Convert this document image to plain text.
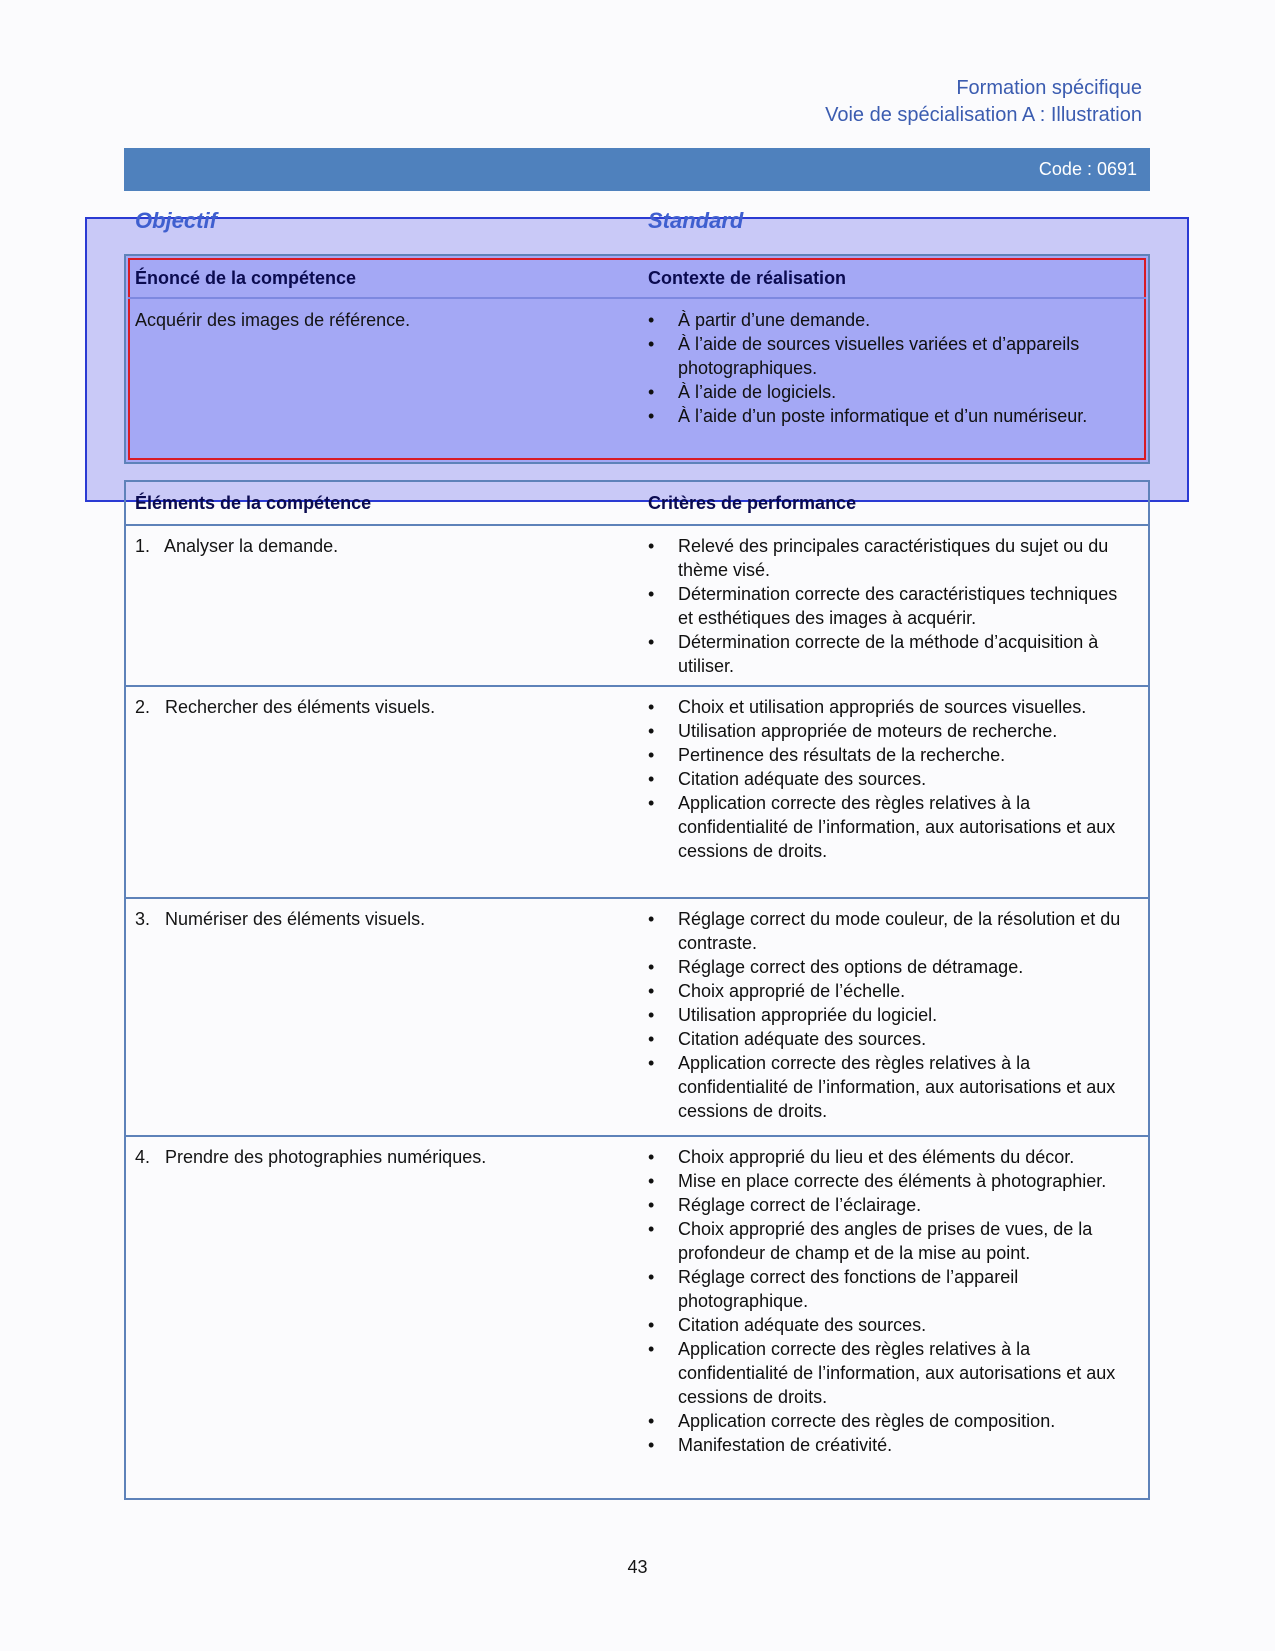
Formation spécifique
Voie de spécialisation A : Illustration
Code : 0691
Objectif	Standard
Énoncé de la compétence	Contexte de réalisation
Acquérir des images de référence.	• À partir d’une demande.
• À l’aide de sources visuelles variées et d’appareils photographiques.
• À l’aide de logiciels.
• À l’aide d’un poste informatique et d’un numériseur.
Éléments de la compétence	Critères de performance
1.   Analyser la demande.	• Relevé des principales caractéristiques du sujet ou du thème visé.
• Détermination correcte des caractéristiques techniques et esthétiques des images à acquérir.
• Détermination correcte de la méthode d’acquisition à utiliser.
2.   Rechercher des éléments visuels.	• Choix et utilisation appropriés de sources visuelles.
• Utilisation appropriée de moteurs de recherche.
• Pertinence des résultats de la recherche.
• Citation adéquate des sources.
• Application correcte des règles relatives à la confidentialité de l’information, aux autorisations et aux cessions de droits.
3.   Numériser des éléments visuels.	• Réglage correct du mode couleur, de la résolution et du contraste.
• Réglage correct des options de détramage.
• Choix approprié de l’échelle.
• Utilisation appropriée du logiciel.
• Citation adéquate des sources.
• Application correcte des règles relatives à la confidentialité de l’information, aux autorisations et aux cessions de droits.
4.   Prendre des photographies numériques.	• Choix approprié du lieu et des éléments du décor.
• Mise en place correcte des éléments à photographier.
• Réglage correct de l’éclairage.
• Choix approprié des angles de prises de vues, de la profondeur de champ et de la mise au point.
• Réglage correct des fonctions de l’appareil photographique.
• Citation adéquate des sources.
• Application correcte des règles relatives à la confidentialité de l’information, aux autorisations et aux cessions de droits.
• Application correcte des règles de composition.
• Manifestation de créativité.
43
